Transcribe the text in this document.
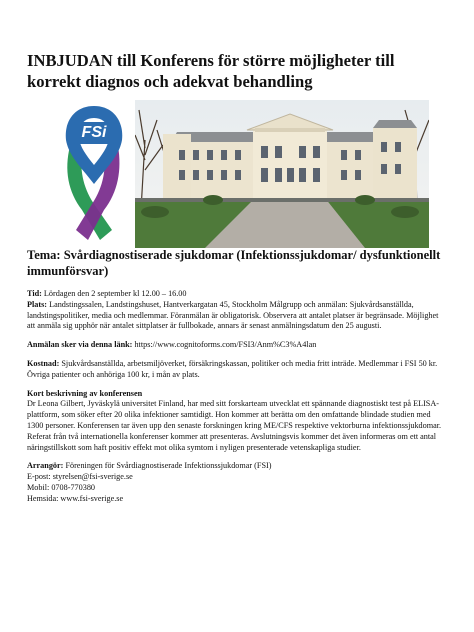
INBJUDAN till Konferens för större möjligheter till korrekt diagnos och adekvat behandling
FSi
Tema: Svårdiagnostiserade sjukdomar (Infektionssjukdomar/ dysfunktionellt immunförsvar)

Tid: Lördagen den 2 september kl 12.00 – 16.00
Plats: Landstingssalen, Landstingshuset, Hantverkargatan 45, Stockholm Målgrupp och anmälan: Sjukvårdsanställda, landstingspolitiker, media och medlemmar. Föranmälan är obligatorisk. Observera att antalet platser är begränsade. Möjlighet att anmäla sig upphör när antalet sittplatser är fullbokade, annars är senast anmälningsdatum den 25 augusti.

Anmälan sker via denna länk: https://www.cognitoforms.com/FSI3/Anm%C3%A4lan

Kostnad: Sjukvårdsanställda, arbetsmiljöverket, försäkringskassan, politiker och media fritt inträde. Medlemmar i FSI 50 kr. Övriga patienter och anhöriga 100 kr, i mån av plats.

Kort beskrivning av konferensen
Dr Leona Gilbert, Jyväskylä universitet Finland, har med sitt forskarteam utvecklat ett spännande diagnostiskt test på ELISA-plattform, som söker efter 20 olika infektioner samtidigt. Hon kommer att berätta om den omfattande blindade studien med 1300 personer. Konferensen tar även upp den senaste forskningen kring ME/CFS respektive vektorburna infektionssjukdomar. Referat från två internationella konferenser kommer att presenteras. Avslutningsvis kommer det även informeras om ett antal näringstillskott som haft positiv effekt mot olika symtom i nyligen presenterade vetenskapliga studier.

Arrangör: Föreningen för Svårdiagnostiserade Infektionssjukdomar (FSI)
E-post: styrelsen@fsi-sverige.se
Mobil: 0708-770380
Hemsida: www.fsi-sverige.se
